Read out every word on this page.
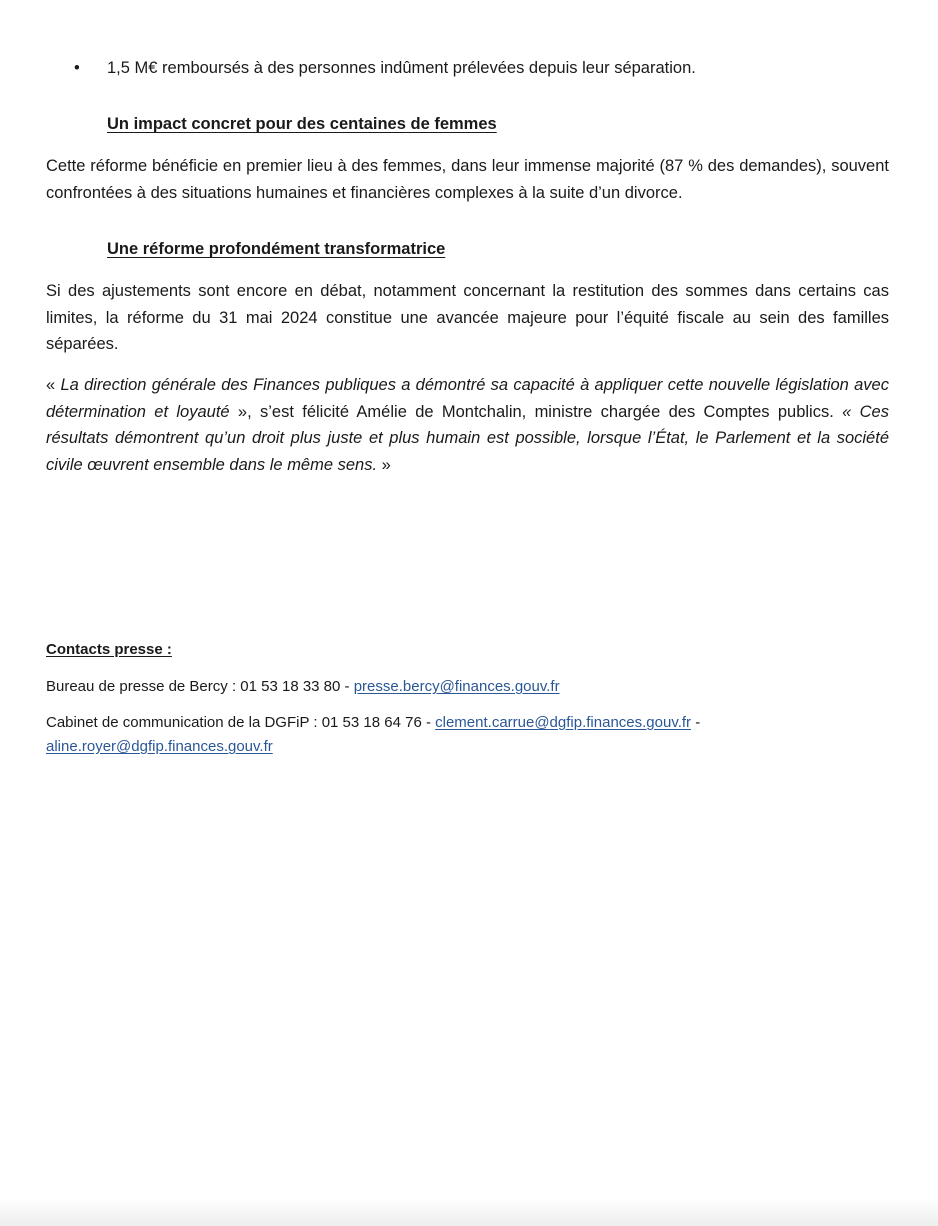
•	1,5 M€ remboursés à des personnes indûment prélevées depuis leur séparation.
Un impact concret pour des centaines de femmes

Cette réforme bénéficie en premier lieu à des femmes, dans leur immense majorité (87 % des demandes), souvent confrontées à des situations humaines et financières complexes à la suite d’un divorce.

Une réforme profondément transformatrice

Si des ajustements sont encore en débat, notamment concernant la restitution des sommes dans certains cas limites, la réforme du 31 mai 2024 constitue une avancée majeure pour l’équité fiscale au sein des familles séparées.

« La direction générale des Finances publiques a démontré sa capacité à appliquer cette nouvelle législation avec détermination et loyauté », s’est félicité Amélie de Montchalin, ministre chargée des Comptes publics. « Ces résultats démontrent qu’un droit plus juste et plus humain est possible, lorsque l’État, le Parlement et la société civile œuvrent ensemble dans le même sens. »

Contacts presse :
Bureau de presse de Bercy : 01 53 18 33 80 - presse.bercy@finances.gouv.fr
Cabinet de communication de la DGFiP : 01 53 18 64 76 - clement.carrue@dgfip.finances.gouv.fr -
aline.royer@dgfip.finances.gouv.fr
